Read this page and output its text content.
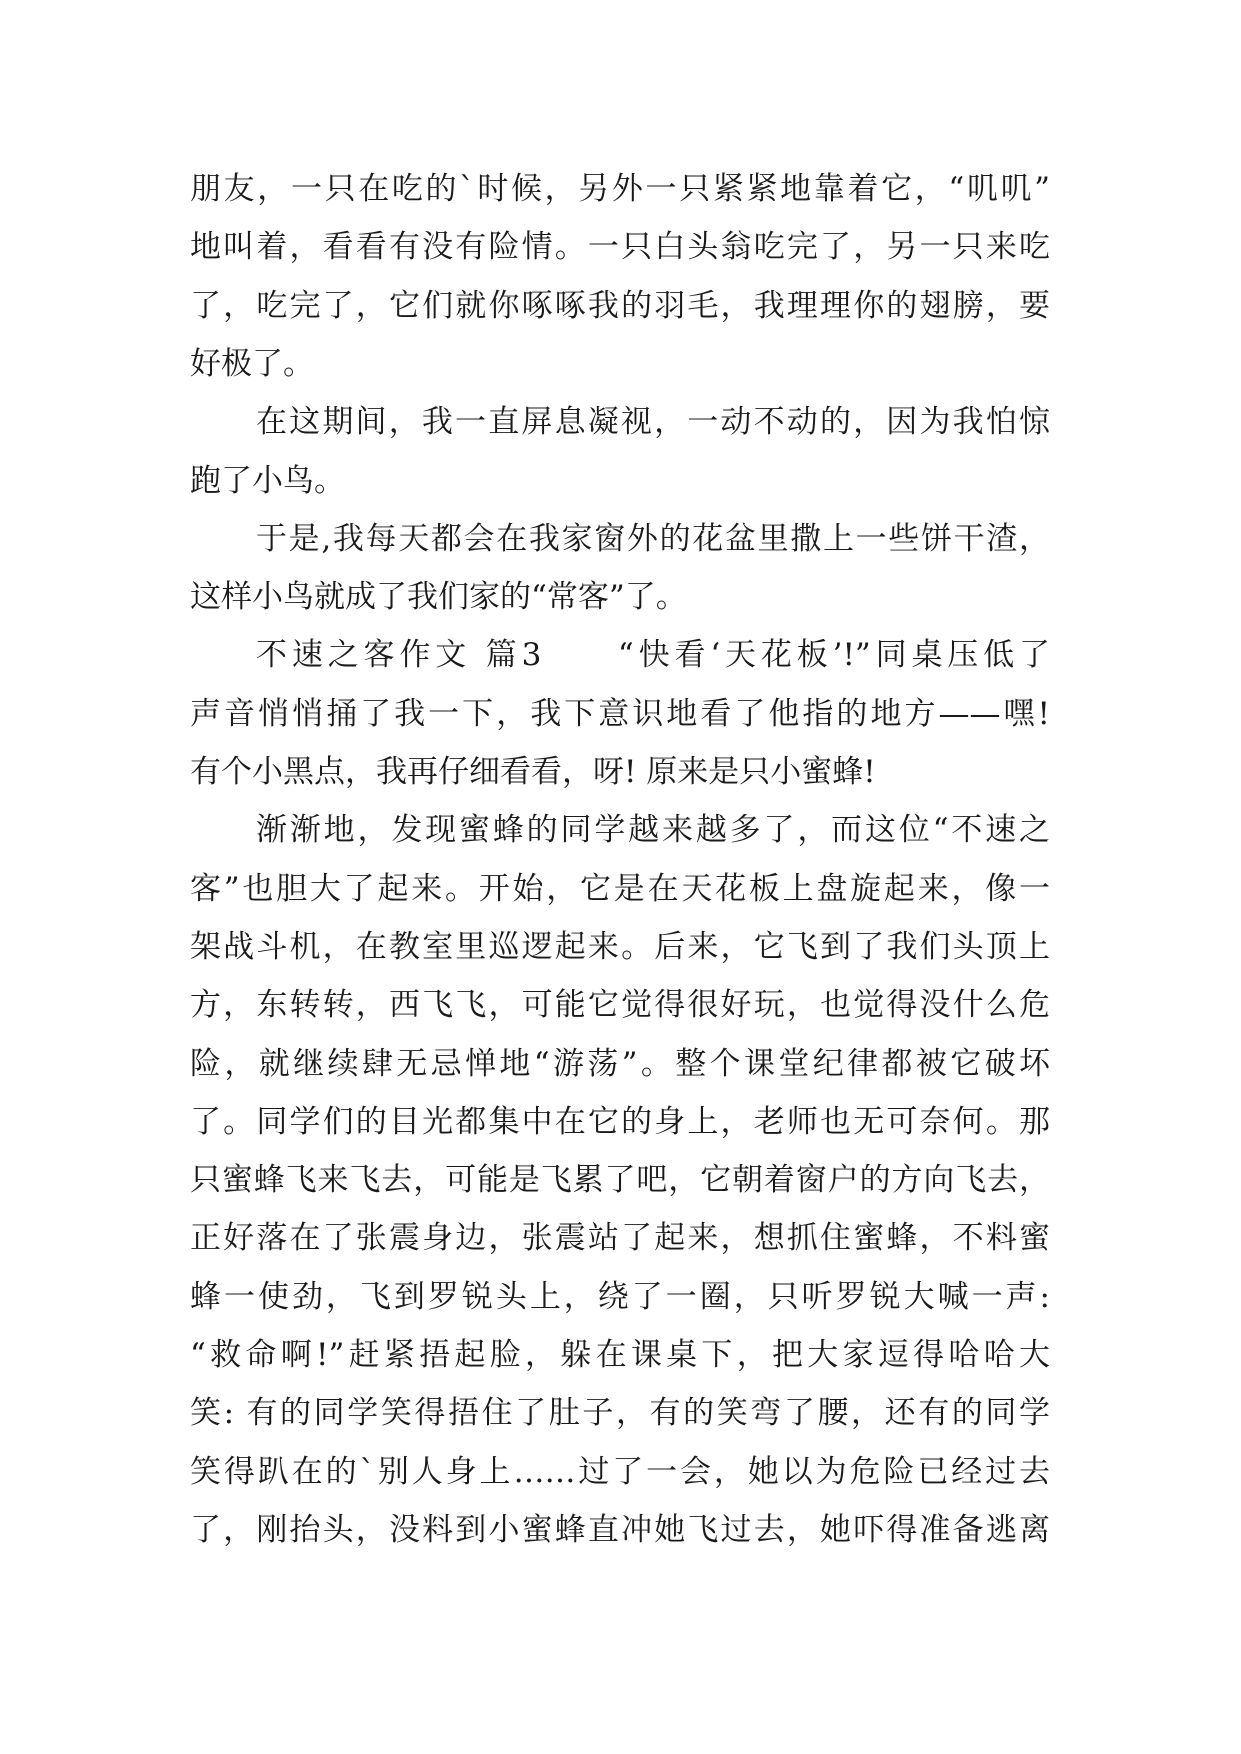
朋友，一只在吃的`时候，另外一只紧紧地靠着它，“叽叽”
地叫着，看看有没有险情。一只白头翁吃完了，另一只来吃
了，吃完了，它们就你啄啄我的羽毛，我理理你的翅膀，要
好极了。
在这期间，我一直屏息凝视，一动不动的，因为我怕惊
跑了小鸟。
于是,我每天都会在我家窗外的花盆里撒上一些饼干渣，
这样小鸟就成了我们家的“常客”了。
不速之客作文 篇3　　“快看‘天花板’!”同桌压低了
声音悄悄捅了我一下，我下意识地看了他指的地方——嘿!
有个小黑点，我再仔细看看，呀! 原来是只小蜜蜂!
渐渐地，发现蜜蜂的同学越来越多了，而这位“不速之
客”也胆大了起来。开始，它是在天花板上盘旋起来，像一
架战斗机，在教室里巡逻起来。后来，它飞到了我们头顶上
方，东转转，西飞飞，可能它觉得很好玩，也觉得没什么危
险，就继续肆无忌惮地“游荡”。整个课堂纪律都被它破坏
了。同学们的目光都集中在它的身上，老师也无可奈何。那
只蜜蜂飞来飞去，可能是飞累了吧，它朝着窗户的方向飞去，
正好落在了张震身边，张震站了起来，想抓住蜜蜂，不料蜜
蜂一使劲，飞到罗锐头上，绕了一圈，只听罗锐大喊一声:
“救命啊!”赶紧捂起脸，躲在课桌下，把大家逗得哈哈大
笑: 有的同学笑得捂住了肚子，有的笑弯了腰，还有的同学
笑得趴在的`别人身上……过了一会，她以为危险已经过去
了，刚抬头，没料到小蜜蜂直冲她飞过去，她吓得准备逃离
